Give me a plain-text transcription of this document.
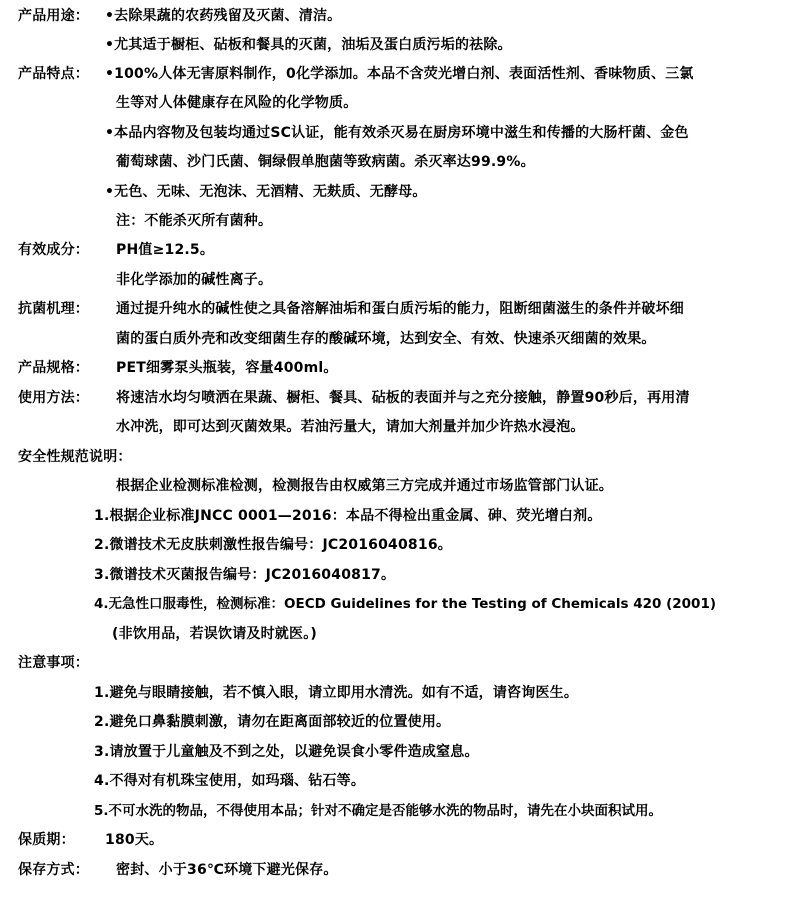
产品用途： •去除果蔬的农药残留及灭菌、清洁。

•尤其适于橱柜、砧板和餐具的灭菌，油垢及蛋白质污垢的祛除。

产品特点： •100%人体无害原料制作，0化学添加。本品不含荧光增白剂、表面活性剂、香味物质、三氯

生等对人体健康存在风险的化学物质。

•本品内容物及包装均通过SC认证，能有效杀灭易在厨房环境中滋生和传播的大肠杆菌、金色

葡萄球菌、沙门氏菌、铜绿假单胞菌等致病菌。杀灭率达99.9%。

•无色、无味、无泡沫、无酒精、无麸质、无酵母。

注：不能杀灭所有菌种。

有效成分： PH值≥12.5。

非化学添加的碱性离子。

抗菌机理： 通过提升纯水的碱性使之具备溶解油垢和蛋白质污垢的能力，阻断细菌滋生的条件并破坏细

菌的蛋白质外壳和改变细菌生存的酸碱环境，达到安全、有效、快速杀灭细菌的效果。

产品规格： PET细雾泵头瓶装，容量400ml。

使用方法： 将速洁水均匀喷洒在果蔬、橱柜、餐具、砧板的表面并与之充分接触，静置90秒后，再用清

水冲洗，即可达到灭菌效果。若油污量大，请加大剂量并加少许热水浸泡。

安全性规范说明：

根据企业检测标准检测，检测报告由权威第三方完成并通过市场监管部门认证。

1.根据企业标准JNCC 0001—2016：本品不得检出重金属、砷、荧光增白剂。

2.微谱技术无皮肤刺激性报告编号：JC2016040816。

3.微谱技术灭菌报告编号：JC2016040817。

4.无急性口服毒性，检测标准：OECD Guidelines for the Testing of Chemicals 420 (2001)

(非饮用品，若误饮请及时就医。)

注意事项：

1.避免与眼睛接触，若不慎入眼，请立即用水清洗。如有不适，请咨询医生。

2.避免口鼻黏膜刺激，请勿在距离面部较近的位置使用。

3.请放置于儿童触及不到之处，以避免误食小零件造成窒息。

4.不得对有机珠宝使用，如玛瑙、钻石等。

5.不可水洗的物品，不得使用本品；针对不确定是否能够水洗的物品时，请先在小块面积试用。

保质期： 180天。

保存方式： 密封、小于36℃环境下避光保存。
